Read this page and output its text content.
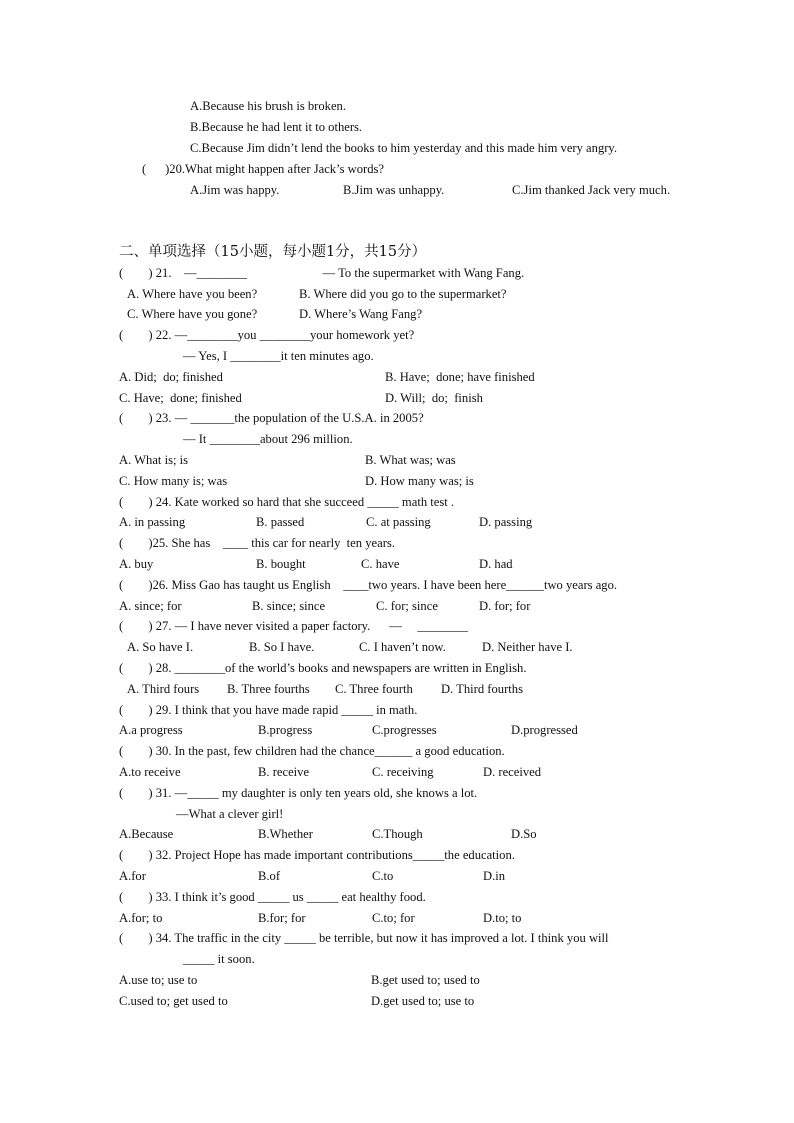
A.Because his brush is broken.
B.Because he had lent it to others.
C.Because Jim didn’t lend the books to him yesterday and this made him very angry.
(      )20.What might happen after Jack’s words?
A.Jim was happy.	B.Jim was unhappy.	C.Jim thanked Jack very much.
二、单项选择（15小题，每小题1分，共15分）
(        ) 21.    —________                        — To the supermarket with Wang Fang.
A. Where have you been?	B. Where did you go to the supermarket?
C. Where have you gone?	D. Where’s Wang Fang?
(        ) 22. —________you ________your homework yet?
— Yes, I ________it ten minutes ago.
A. Did;  do; finished	B. Have;  done; have finished
C. Have;  done; finished	D. Will;  do;  finish
(        ) 23. — _______the population of the U.S.A. in 2005?
— It ________about 296 million.
A. What is; is	B. What was; was
C. How many is; was	D. How many was; is
(        ) 24. Kate worked so hard that she succeed _____ math test .
A. in passing	B. passed	C. at passing	D. passing
(        )25. She has    ____ this car for nearly  ten years.
A. buy	B. bought	C. have	D. had
(        )26. Miss Gao has taught us English    ____two years. I have been here______two years ago.
A. since; for	B. since; since	C. for; since	D. for; for
(        ) 27. — I have never visited a paper factory.      —     ________
A. So have I.	B. So I have.	C. I haven’t now.	D. Neither have I.
(        ) 28. ________of the world’s books and newspapers are written in English.
A. Third fours B. Three fourths C. Three fourth D. Third fourths
(        ) 29. I think that you have made rapid _____ in math.
A.a progress	B.progress	C.progresses	D.progressed
(        ) 30. In the past, few children had the chance______ a good education.
A.to receive	B. receive	C. receiving	D. received
(        ) 31. —_____ my daughter is only ten years old, she knows a lot.
—What a clever girl!
A.Because	B.Whether	C.Though	D.So
(        ) 32. Project Hope has made important contributions_____the education.
A.for	B.of	C.to	D.in
(        ) 33. I think it’s good _____ us _____ eat healthy food.
A.for; to	B.for; for	C.to; for	D.to; to
(        ) 34. The traffic in the city _____ be terrible, but now it has improved a lot. I think you will
_____ it soon.
A.use to; use to	B.get used to; used to
C.used to; get used to	D.get used to; use to
